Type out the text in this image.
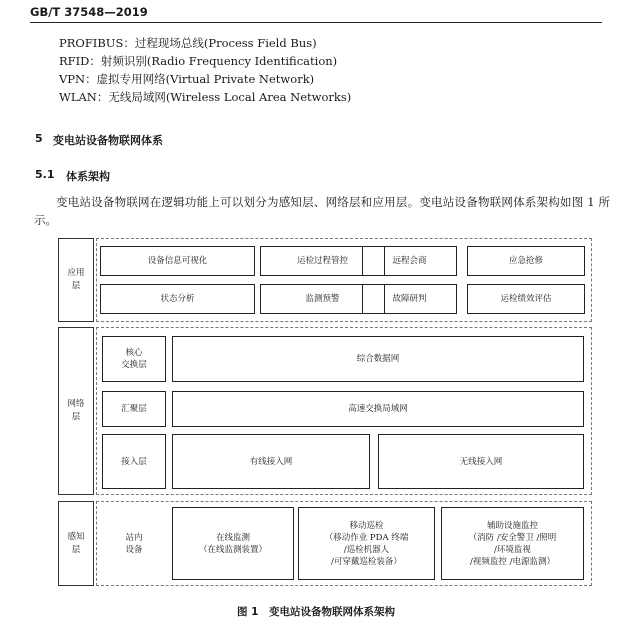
GB/T 37548—2019
PROFIBUS：过程现场总线(Process Field Bus)
RFID：射频识别(Radio Frequency Identification)
VPN：虚拟专用网络(Virtual Private Network)
WLAN：无线局域网(Wireless Local Area Networks)
5 变电站设备物联网体系
5.1 体系架构

变电站设备物联网在逻辑功能上可以划分为感知层、网络层和应用层。变电站设备物联网体系架构如图 1 所示。

应用
层
设备信息可视化	运检过程管控	远程会商	应急抢修
状态分析	监测预警	故障研判	运检绩效评估
网络
层
核心
交换层
综合数据网
汇聚层	高速交换局域网
接入层	有线接入网	无线接入网
感知
层
站内
设备
在线监测
（在线监测装置）
移动巡检
（移动作业 PDA 终端
/巡检机器人
/可穿戴巡检装备）
辅助设施监控
（消防 /安全警卫 /照明
/环境监视
/视频监控 /电源监测）
图 1　变电站设备物联网体系架构
